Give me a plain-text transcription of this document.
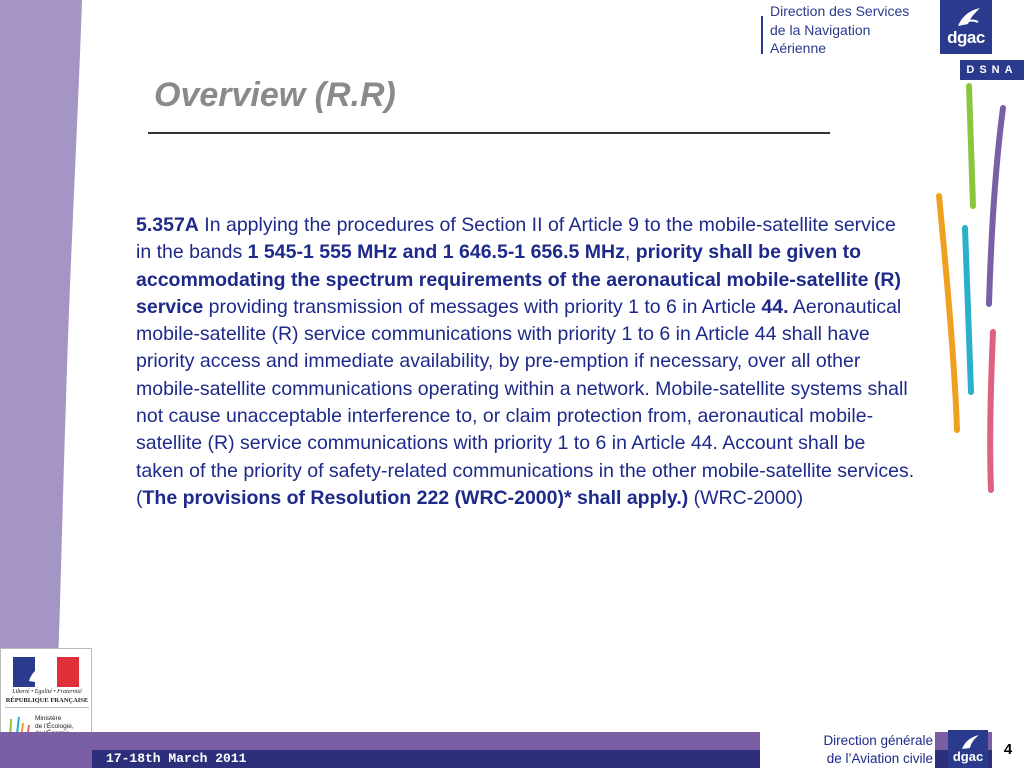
Direction des Services
de la Navigation
Aérienne
dgac
DSNA
Overview (R.R)
5.357A In applying the procedures of Section II of Article 9 to the mobile-satellite service in the bands 1 545-1 555 MHz and 1 646.5-1 656.5 MHz, priority shall be given to accommodating the spectrum requirements of the aeronautical mobile-satellite (R) service providing transmission of messages with priority 1 to 6 in Article 44. Aeronautical mobile-satellite (R) service communications with priority 1 to 6 in Article 44 shall have priority access and immediate availability, by pre-emption if necessary, over all other mobile-satellite communications operating within a network. Mobile-satellite systems shall not cause unacceptable interference to, or claim protection from, aeronautical mobile-satellite (R) service communications with priority 1 to 6 in Article 44. Account shall be taken of the priority of safety-related communications in the other mobile-satellite services. (The provisions of Resolution 222 (WRC-2000)* shall apply.) (WRC-2000)
Liberté • Égalité • Fraternité
RÉPUBLIQUE FRANÇAISE
Ministère
de l’Écologie,

17-18th March 2011
Direction générale
de l’Aviation civile	dgac	4
